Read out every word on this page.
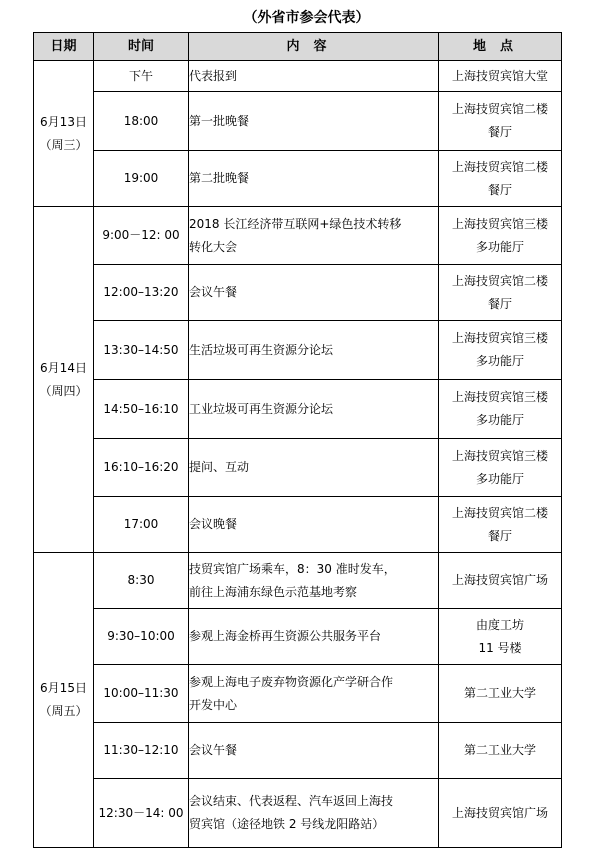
（外省市参会代表）
日期	时间	内容	地点

6月13日
（周三）	下午	代表报到	上海技贸宾馆大堂

	18:00	第一批晚餐	上海技贸宾馆二楼
餐厅

	19:00	第二批晚餐	上海技贸宾馆二楼
餐厅

6月14日
（周四）	9:00－12: 00	2018 长江经济带互联网+绿色技术转移
转化大会	上海技贸宾馆三楼
多功能厅

	12:00–13:20	会议午餐	上海技贸宾馆二楼
餐厅

	13:30–14:50	生活垃圾可再生资源分论坛	上海技贸宾馆三楼
多功能厅

	14:50–16:10	工业垃圾可再生资源分论坛	上海技贸宾馆三楼
多功能厅

	16:10–16:20	提问、互动	上海技贸宾馆三楼
多功能厅

	17:00	会议晚餐	上海技贸宾馆二楼
餐厅

6月15日
（周五）	8:30	技贸宾馆广场乘车，8：30 准时发车，
前往上海浦东绿色示范基地考察	上海技贸宾馆广场

	9:30–10:00	参观上海金桥再生资源公共服务平台	由度工坊
11 号楼

	10:00–11:30	参观上海电子废弃物资源化产学研合作
开发中心	第二工业大学

	11:30–12:10	会议午餐	第二工业大学

	12:30－14: 00	会议结束、代表返程、汽车返回上海技
贸宾馆（途径地铁 2 号线龙阳路站）	上海技贸宾馆广场
